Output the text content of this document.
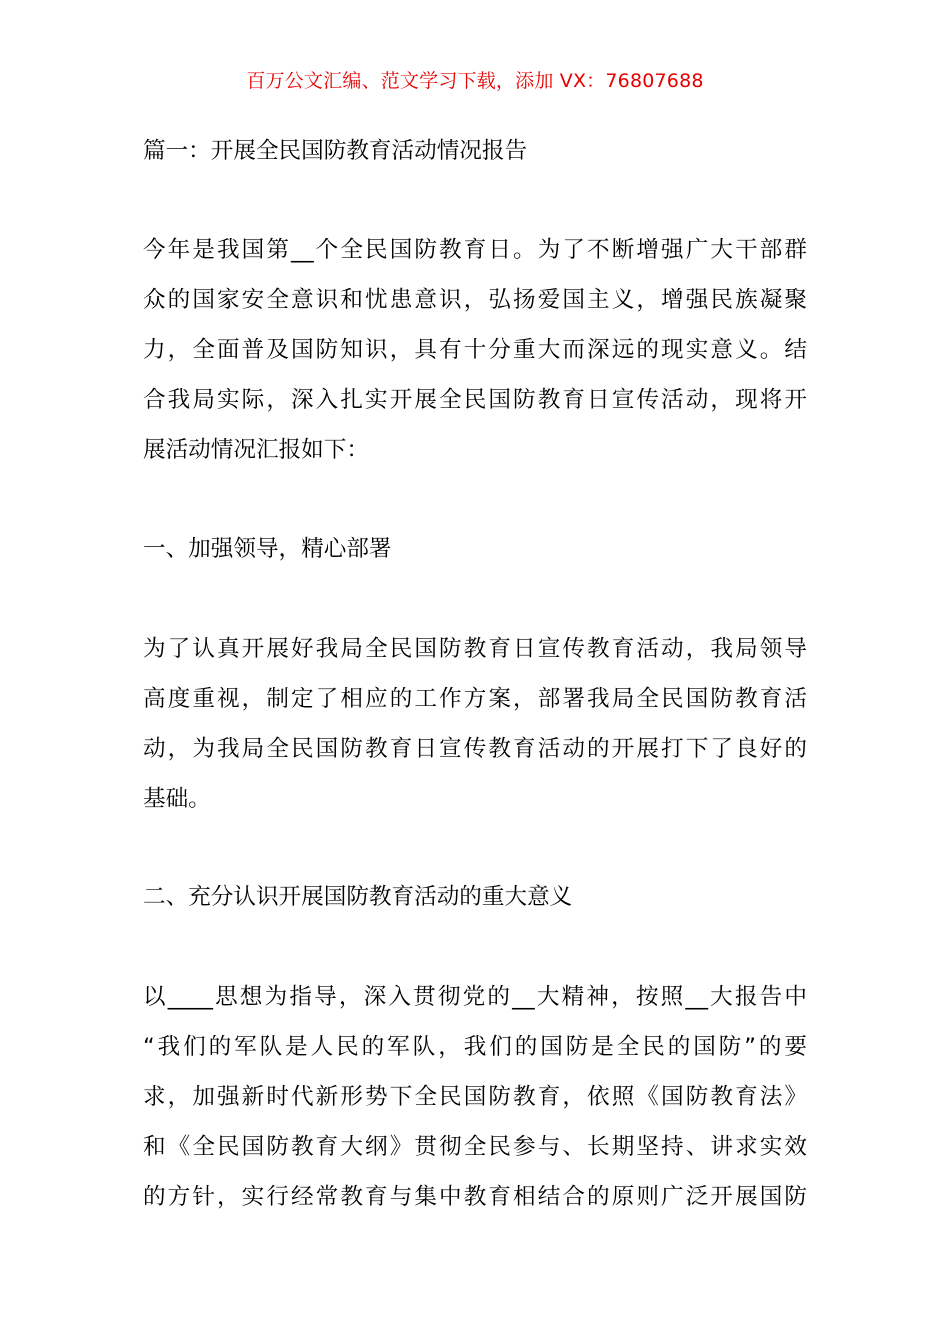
百万公文汇编、范文学习下载，添加 VX：76807688
篇一：开展全民国防教育活动情况报告
今年是我国第__个全民国防教育日。为了不断增强广大干部群
众的国家安全意识和忧患意识，弘扬爱国主义，增强民族凝聚
力，全面普及国防知识，具有十分重大而深远的现实意义。结
合我局实际，深入扎实开展全民国防教育日宣传活动，现将开
展活动情况汇报如下：
一、加强领导，精心部署
为了认真开展好我局全民国防教育日宣传教育活动，我局领导
高度重视，制定了相应的工作方案，部署我局全民国防教育活
动，为我局全民国防教育日宣传教育活动的开展打下了良好的
基础。
二、充分认识开展国防教育活动的重大意义
以____思想为指导，深入贯彻党的__大精神，按照__大报告中
“我们的军队是人民的军队，我们的国防是全民的国防”的要
求，加强新时代新形势下全民国防教育，依照《国防教育法》
和《全民国防教育大纲》贯彻全民参与、长期坚持、讲求实效
的方针，实行经常教育与集中教育相结合的原则广泛开展国防
